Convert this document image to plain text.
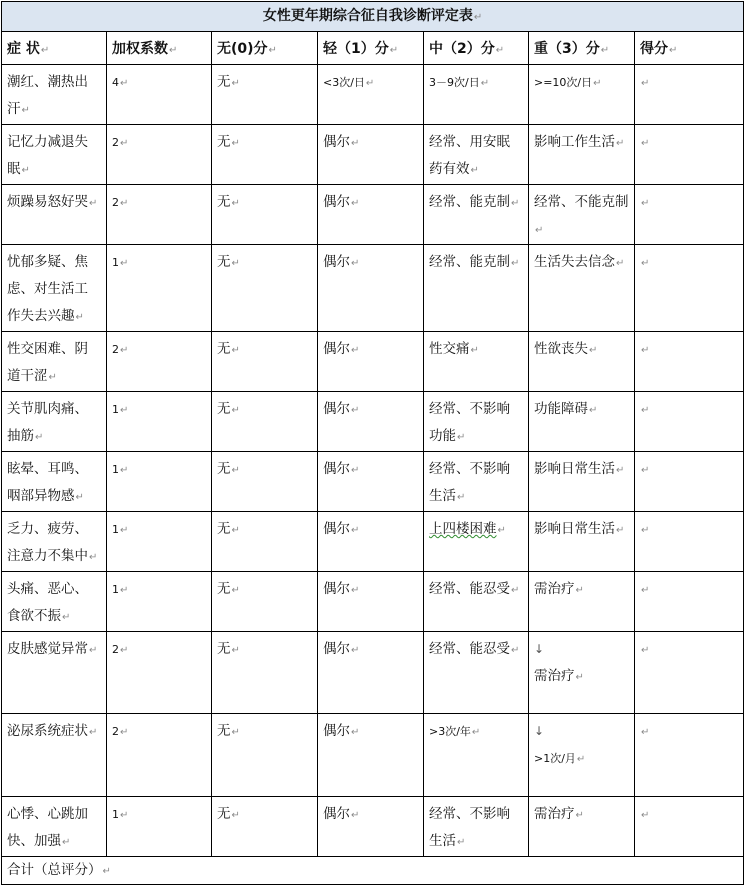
女性更年期综合征自我诊断评定表↵						
症 状↵	加权系数↵	无(0)分↵	轻（1）分↵	中（2）分↵	重（3）分↵	得分↵
潮红、潮热出汗↵	4↵	无↵	<3次/日↵	3－9次/日↵	>=10次/日↵	↵
记忆力减退失眠↵	2↵	无↵	偶尔↵	经常、用安眠药有效↵	影响工作生活↵	↵
烦躁易怒好哭↵	2↵	无↵	偶尔↵	经常、能克制↵	经常、不能克制↵	↵
忧郁多疑、焦虑、对生活工作失去兴趣↵	1↵	无↵	偶尔↵	经常、能克制↵	生活失去信念↵	↵
性交困难、阴道干涩↵	2↵	无↵	偶尔↵	性交痛↵	性欲丧失↵	↵
关节肌肉痛、抽筋↵	1↵	无↵	偶尔↵	经常、不影响功能↵	功能障碍↵	↵
眩晕、耳鸣、咽部异物感↵	1↵	无↵	偶尔↵	经常、不影响生活↵	影响日常生活↵	↵
乏力、疲劳、注意力不集中↵	1↵	无↵	偶尔↵	上四楼困难↵	影响日常生活↵	↵
头痛、恶心、食欲不振↵	1↵	无↵	偶尔↵	经常、能忍受↵	需治疗↵	↵
皮肤感觉异常↵	2↵	无↵	偶尔↵	经常、能忍受↵	↓
需治疗↵	↵
泌尿系统症状↵	2↵	无↵	偶尔↵	>3次/年↵	↓
>1次/月↵	↵
心悸、心跳加快、加强↵	1↵	无↵	偶尔↵	经常、不影响生活↵	需治疗↵	↵
合计（总评分）↵						
